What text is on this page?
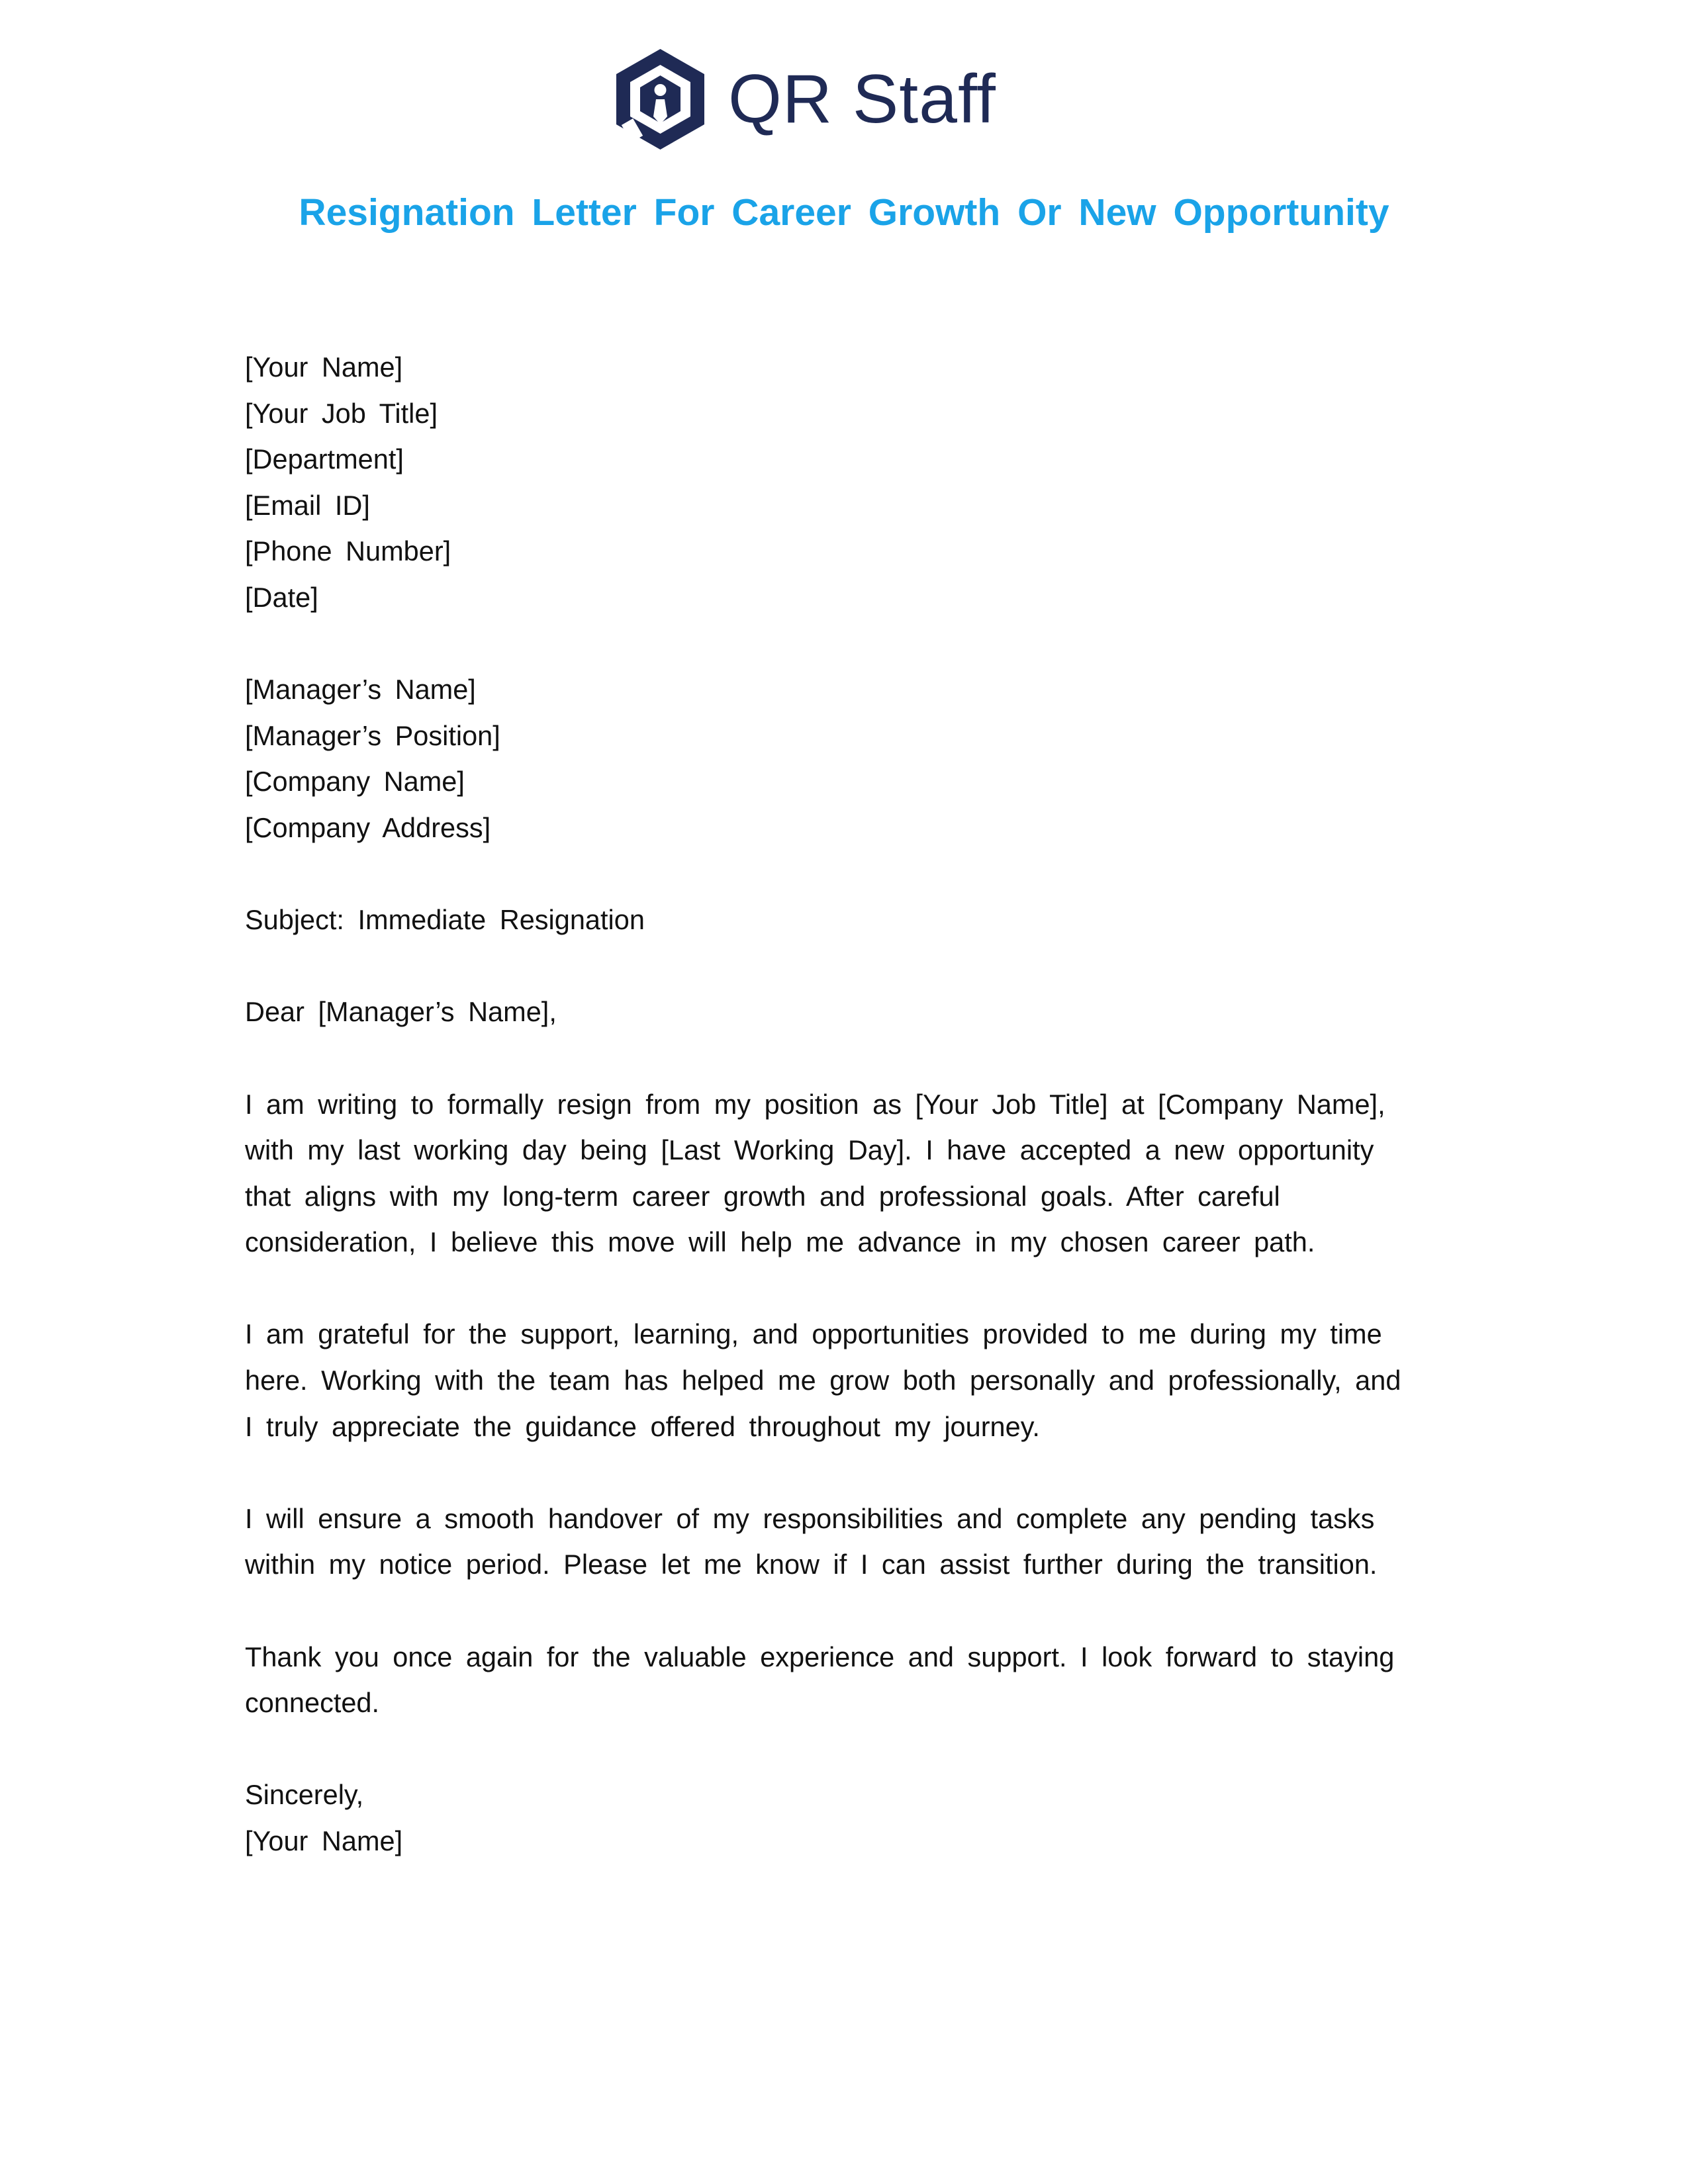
QR Staff
Resignation Letter For Career Growth Or New Opportunity
[Your Name]
[Your Job Title]
[Department]
[Email ID]
[Phone Number]
[Date]
[Manager’s Name]
[Manager’s Position]
[Company Name]
[Company Address]
Subject: Immediate Resignation
Dear [Manager’s Name],
I am writing to formally resign from my position as [Your Job Title] at [Company Name],
with my last working day being [Last Working Day]. I have accepted a new opportunity
that aligns with my long-term career growth and professional goals. After careful
consideration, I believe this move will help me advance in my chosen career path.
I am grateful for the support, learning, and opportunities provided to me during my time
here. Working with the team has helped me grow both personally and professionally, and
I truly appreciate the guidance offered throughout my journey.
I will ensure a smooth handover of my responsibilities and complete any pending tasks
within my notice period. Please let me know if I can assist further during the transition.
Thank you once again for the valuable experience and support. I look forward to staying
connected.
Sincerely,
[Your Name]
